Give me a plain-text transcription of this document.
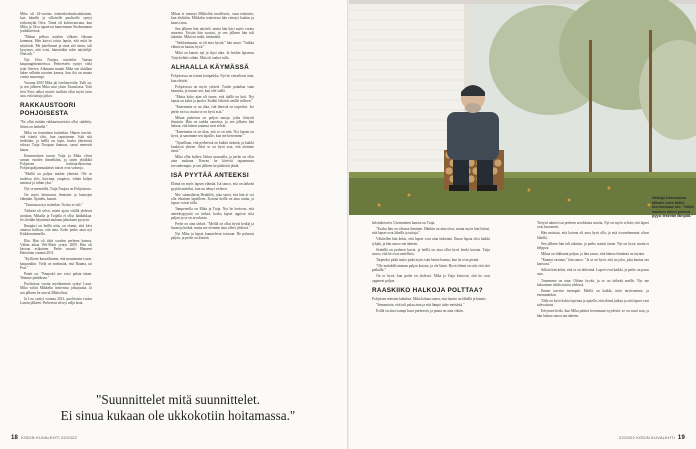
Mika oli 24-vuotias teatterikorkeakoululainen, kun hänelle ja silloiselle puolisolle syntyi esikoistytär Oiva. Tämä oli kohtuvauvana, kun Mika ja Oiva tapasivat kameraman Stockmannin joulukiireissä.

"Minun pelkoa naiskin vilkaisi fiksuna kommaa. Hän kaivoi toista lapsia, että mitä he näyttävät. Me juttelimme ja siinä sitä sitten, tuli kysymys, että voisi, hänestäkin tulee näyttelijä. Niin tuli."

Nyt Oiva Nuojua näyttelee Vaasan kaupunginteatterissa. Perheeseen syntyi vielä tytär Onerva. Aikanaan muutti Mika sen aluillani lukee selkeän nuorten kanssa, kun ikä on monta vuotta nuorempi.

Vuonna 2003 Mika jäi freelancerilta. Tulli on, ja sen jälkeen Mika asui yksin Tuusulassa. Toki tiesi Kirsi ukkoi muttei tuolloin ollut myös tuttu asia, että tuttuja jatkoi.

RAKKAUSTOORI POHJOISESTA

"En ollut mitään rakkaustoorioita ollut säädetty. Sitten on hetkellä."

Mika on itsenäinen kuitenkin. Hänen tarvitsi, että isäntä olisi, kun tapasimme. Isää sitä tiedetään, ja heillä on lapsi, koska yhteisestä talossa Tuija Nuojuan ihanuus, sanat menevät kauas.

Ensimmäisen tavoin Tuija ja Mika olivat saman vuoden tiimeiltään, ja sitten yhtäkkiä Pohjoisen kulttuurihistoriaa. Pohjoispohjanmaalaiset naiset ovat vahvoja.

"Meillä on paljon mitään yhteistä. Ole se tuulessa ylös, koivuun, ympärys, vähän kuljen nenässä ja vähän yksi."

Nyt se menetellä, Tuija Nuojua on Pohjoisesta.

On myös kiinnostus ihmisten ja kansojen elämään. Ajattelu, kaunis.

"Tunnustau nyt mitenkin. Noista se tuli."

Tärkeää oli selvä, miten ajoin välillä yhdessä tuodaan. Mikalla ja Tuijalla ei ollut hääkakkua. Jos heidän käyntinsä mukana jatkokaan pystyisi.

Ilmapiiri on heillä näin, on elanut, että kävi omassa kodissa, että aina. Koko perhe asuu nyt Kirkkonummella.

Eka. Hän oli töitä vuoden perheen kanssa. Vähän aikaa Veli-Matti syntyi 2009. Hän oli kasvun esikoinen. Perhe muutti Hämeen Hartolaan vuonna 2011.

"Kyllä me kaavailimme, että muutamme isoon, kaupunkiin. Vielä on mietintää, että Rauma, tai Pori."

Pentti on: "Emmekö me voisi palata tänne. Teimme päätöksen."

Puolitoista vuotta myöhemmin syntyi Lauri. Mika valitti Mikkelin teatterista johtajuutta. Ja sen jälkeen he asuvat Mikkelissä.

Ja Leo syntyi vuonna 2012, puolitoista vuotta Laurin jälkeen. Perheessä oli nyt neljä lasta.

Mikaa ei mennyt Mikkeliin tavallisesti, vaan teatteriin, kun ehdittiin. Mikkelin teatterissa hän esiintyi lauloin ja kaarsi aina.

Sen jälkeen hän näytteli, mutta hän kävi myös vuotta nuorena. Toisiin hän suostui, ja sen jälkeen hän tuli takaisin. Mikä on mikä, tietämättä.

"Vaikkeimpana, se oli aina hyvää," hän sanoi. "Vaikka elämä on kauan, hyvä."

Mikä on kaunis nyt ja täysi aika. Ja heidän lapsensa Tuija kehitti vähän. Mitä oli taakse tulla.

ALHAALLA KÄYMÄSSÄ

Pohjoisessa on toinen kotipaikka. Nyt he vierailevat aina, kun ehtivät.

Pohjoisessa on myös ystäviä. Tuulet puhaltaa vaan kaunista, ja tunnet sen, kun olet siellä.

"Mutta koko ajan oli tunne, että täällä on koti. Nyt lapsia on kaksi ja puolet. Kaikki lähtivät omille teilleen."

"Ennemmin se on tilaa, että ihmisiä on tarpeeksi. Iso perhe on iso, mutta se on hyvä asia."

Mikan puheessa on paljon sanoja, jotka liittyvät ihmisiin. Hän on tarkka sanoissa, ja sen jälkeen hän haluaa, että hänen sanansa ovat selvät.

"Ennemmin se on tilaa, että se on niin. Nyt lapsen on hyvä, ja sanomme sen lapsille, kun me kerromme."

"Ajatellaan, että perheessä on kaikki tärkeää, ja kaikki kuuluvat yhteen. Siksi se on hyvä asia, että olemme tässä."

Mika ollut kulkea Oulun suunnalla, ja perhe on ollut aina mukana. Kerran he kävivät tapaamassa isovanhempia, ja sen jälkeen he päättivät jäädä.

ISÄ PYYTÄÄ ANTEEKSI

Elämä on myös lapsen elämää. Isä sanoo, että on tärkeää pyytää anteeksi, kun on tehnyt virheen.

Mu- suomalaista Henkilöä, joka sanoi, että hän ei voi olla vihainen lapsilleen. Kotona heillä on aina rauha, ja lapset voivat tulla.

Tampereella on Mika ja Tuija. Nyt he kertovat, että anteeksipyyntö on tärkeä, koska lapset oppivat siitä paljon ja se on arvokasta.

Perhe on aina tärkeä. "Meillä on ollut hyviä hetkiä ja huonoja hetkiä, mutta me olemme aina olleet yhdessä."

Nyt Mika ja lapset kuuntelevat toisiaan. He puhuvat paljon, ja perhe on kiinteä.

"Suunnittelet mitä suunnittelet.
Ei sinua kukaan ole ukkokotiin hoitamassa."
18 KODIN KUVALEHTI 22/2022

helsinkoiseen. Useimmiten kanssa on Tuija.

"Koska hän on vihassa ihminen. Hänkin on aina töiss, mutta myös hän halusi, että lapset ovat lähellä ja tuttuja."

Vähitellen hän keksi, että lapset ovat aina tärkeintä. Ilman lapsia olisi kaikki tyhjää, ja hän sanoo sen ääneen.

Seinällä on perheen kuvia, ja heillä on aina ollut hyvä henki kotona. Tuija sanoo, että he ovat onnellisia.

Tarpeeksi pitkä tauko pitää myös isän lasten kanssa, kun he ovat pieniä.

"Ole mahdollisimman paljon kotona, ja ole läsnä. Hyvä elämä on sitä, että olet paikalla."

On se hyvä, kun perhe on yhdessä. Mika ja Tuija kertovat, että he ovat oppineet paljon.

RAASKIIKO HALKOJA POLTTAA?

Pohjoisen metsien kaltaista, Mika haluaa sanoa, että luonto on lähellä ja kaunis.

"Semmoista, että tuli palaa aina ja että lämpö tulee metsästä."

Esillä on aina isompi kuva perheestä, ja puuta on aina vähän.

Tietysti nämä ovat perheen arvokkaita asioita. Nyt on myös selvää, että lapset ovat kasvaneet.

Hän muistaa, että kotona oli aina hyvä olla, ja että isovanhemmat olivat lähellä.

Sen jälkeen hän tuli takaisin, ja perhe asettui tänne. Nyt on hyvä, mutta ei helppoa.

Mikaa on liikkunut paljon, ja hän sanoo, että hänen elämänsä on täynnä.

"Kannat vastuun," hän sanoo. "Ja se on hyvä, että on joku, joka kantaa sen kanssasi."

Silloin hän keksi, että se on tärkeintä. Lapset ovat kaikki, ja perhe on paras asia.

Tuntemme on aina: Oikein hyvää, ja se on tärkeää meille. Nyt me haluamme tehdä asioita yhdessä.

Emme tarvitse enempää. Meillä on kaikki, mitä tarvitsemme, ja enemmänkin.

Tälle on hyvä kohta lopettaa ja ajatella, että elämä jatkuu ja että lapset ovat tulevaisuus.

Erityinen hetki, kun Mika pääsee kertomaan isyydestä: se on suuri asia, ja hän haluaa sanoa sen ääneen.

22/2022 KODIN KUVALEHTI 19
Halkoja hakemassa Mikalle tulee täällä luonnostaan olo. "Nöitä halaisin minut pennut pyysi tekevän lämpöä."
